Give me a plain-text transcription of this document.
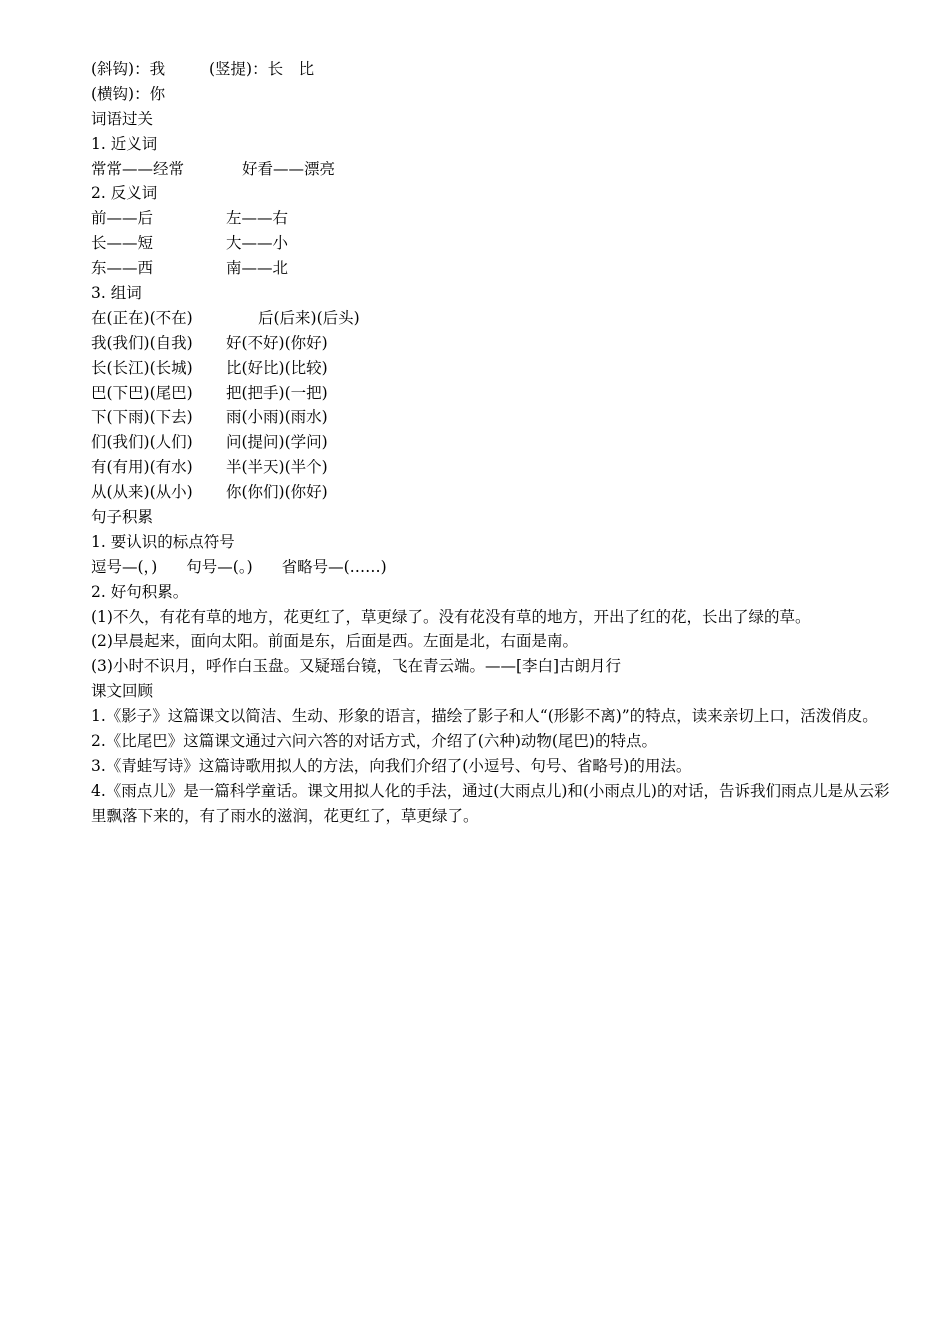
(斜钩)：我	(竖提)：长　比
(横钩)：你
词语过关
1. 近义词
常常——经常	好看——漂亮
2. 反义词
前——后	左——右
长——短	大——小
东——西	南——北
3. 组词
在(正在)(不在)	后(后来)(后头)
我(我们)(自我)	好(不好)(你好)
长(长江)(长城)	比(好比)(比较)
巴(下巴)(尾巴)	把(把手)(一把)
下(下雨)(下去)	雨(小雨)(雨水)
们(我们)(人们)	问(提问)(学问)
有(有用)(有水)	半(半天)(半个)
从(从来)(从小)	你(你们)(你好)
句子积累
1. 要认识的标点符号
逗号—(，) 句号—(。) 省略号—(……)
2. 好句积累。
(1)不久，有花有草的地方，花更红了，草更绿了。没有花没有草的地方，开出了红的花，长出了绿的草。
(2)早晨起来，面向太阳。前面是东，后面是西。左面是北，右面是南。
(3)小时不识月，呼作白玉盘。又疑瑶台镜，飞在青云端。——[李白]古朗月行
课文回顾
1.《影子》这篇课文以简洁、生动、形象的语言，描绘了影子和人“(形影不离)”的特点，读来亲切上口，活泼俏皮。
2.《比尾巴》这篇课文通过六问六答的对话方式，介绍了(六种)动物(尾巴)的特点。
3.《青蛙写诗》这篇诗歌用拟人的方法，向我们介绍了(小逗号、句号、省略号)的用法。
4.《雨点儿》是一篇科学童话。课文用拟人化的手法，通过(大雨点儿)和(小雨点儿)的对话，告诉我们雨点儿是从云彩里飘落下来的，有了雨水的滋润，花更红了，草更绿了。
